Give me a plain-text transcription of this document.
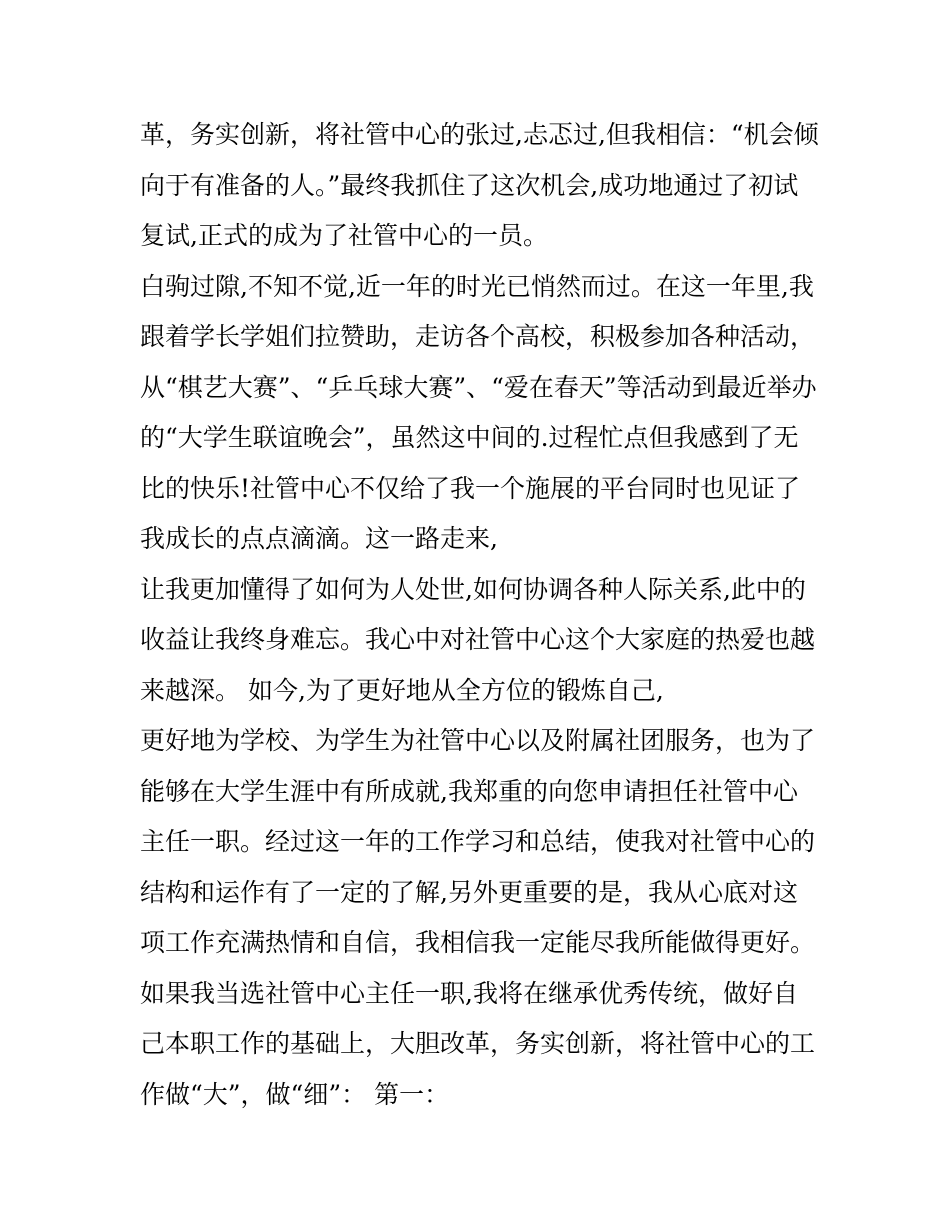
革，务实创新，将社管中心的张过,忐忑过,但我相信：“机会倾
向于有准备的人。”最终我抓住了这次机会,成功地通过了初试
复试,正式的成为了社管中心的一员。
白驹过隙,不知不觉,近一年的时光已悄然而过。在这一年里,我
跟着学长学姐们拉赞助，走访各个高校，积极参加各种活动，
从“棋艺大赛”、“乒乓球大赛”、“爱在春天”等活动到最近举办
的“大学生联谊晚会”，虽然这中间的.过程忙点但我感到了无
比的快乐!社管中心不仅给了我一个施展的平台同时也见证了
我成长的点点滴滴。这一路走来,
让我更加懂得了如何为人处世,如何协调各种人际关系,此中的
收益让我终身难忘。我心中对社管中心这个大家庭的热爱也越
来越深。 如今,为了更好地从全方位的锻炼自己,
更好地为学校、为学生为社管中心以及附属社团服务，也为了
能够在大学生涯中有所成就,我郑重的向您申请担任社管中心
主任一职。经过这一年的工作学习和总结，使我对社管中心的
结构和运作有了一定的了解,另外更重要的是，我从心底对这
项工作充满热情和自信，我相信我一定能尽我所能做得更好。
如果我当选社管中心主任一职,我将在继承优秀传统，做好自
己本职工作的基础上，大胆改革，务实创新，将社管中心的工
作做“大”，做“细”： 第一：
